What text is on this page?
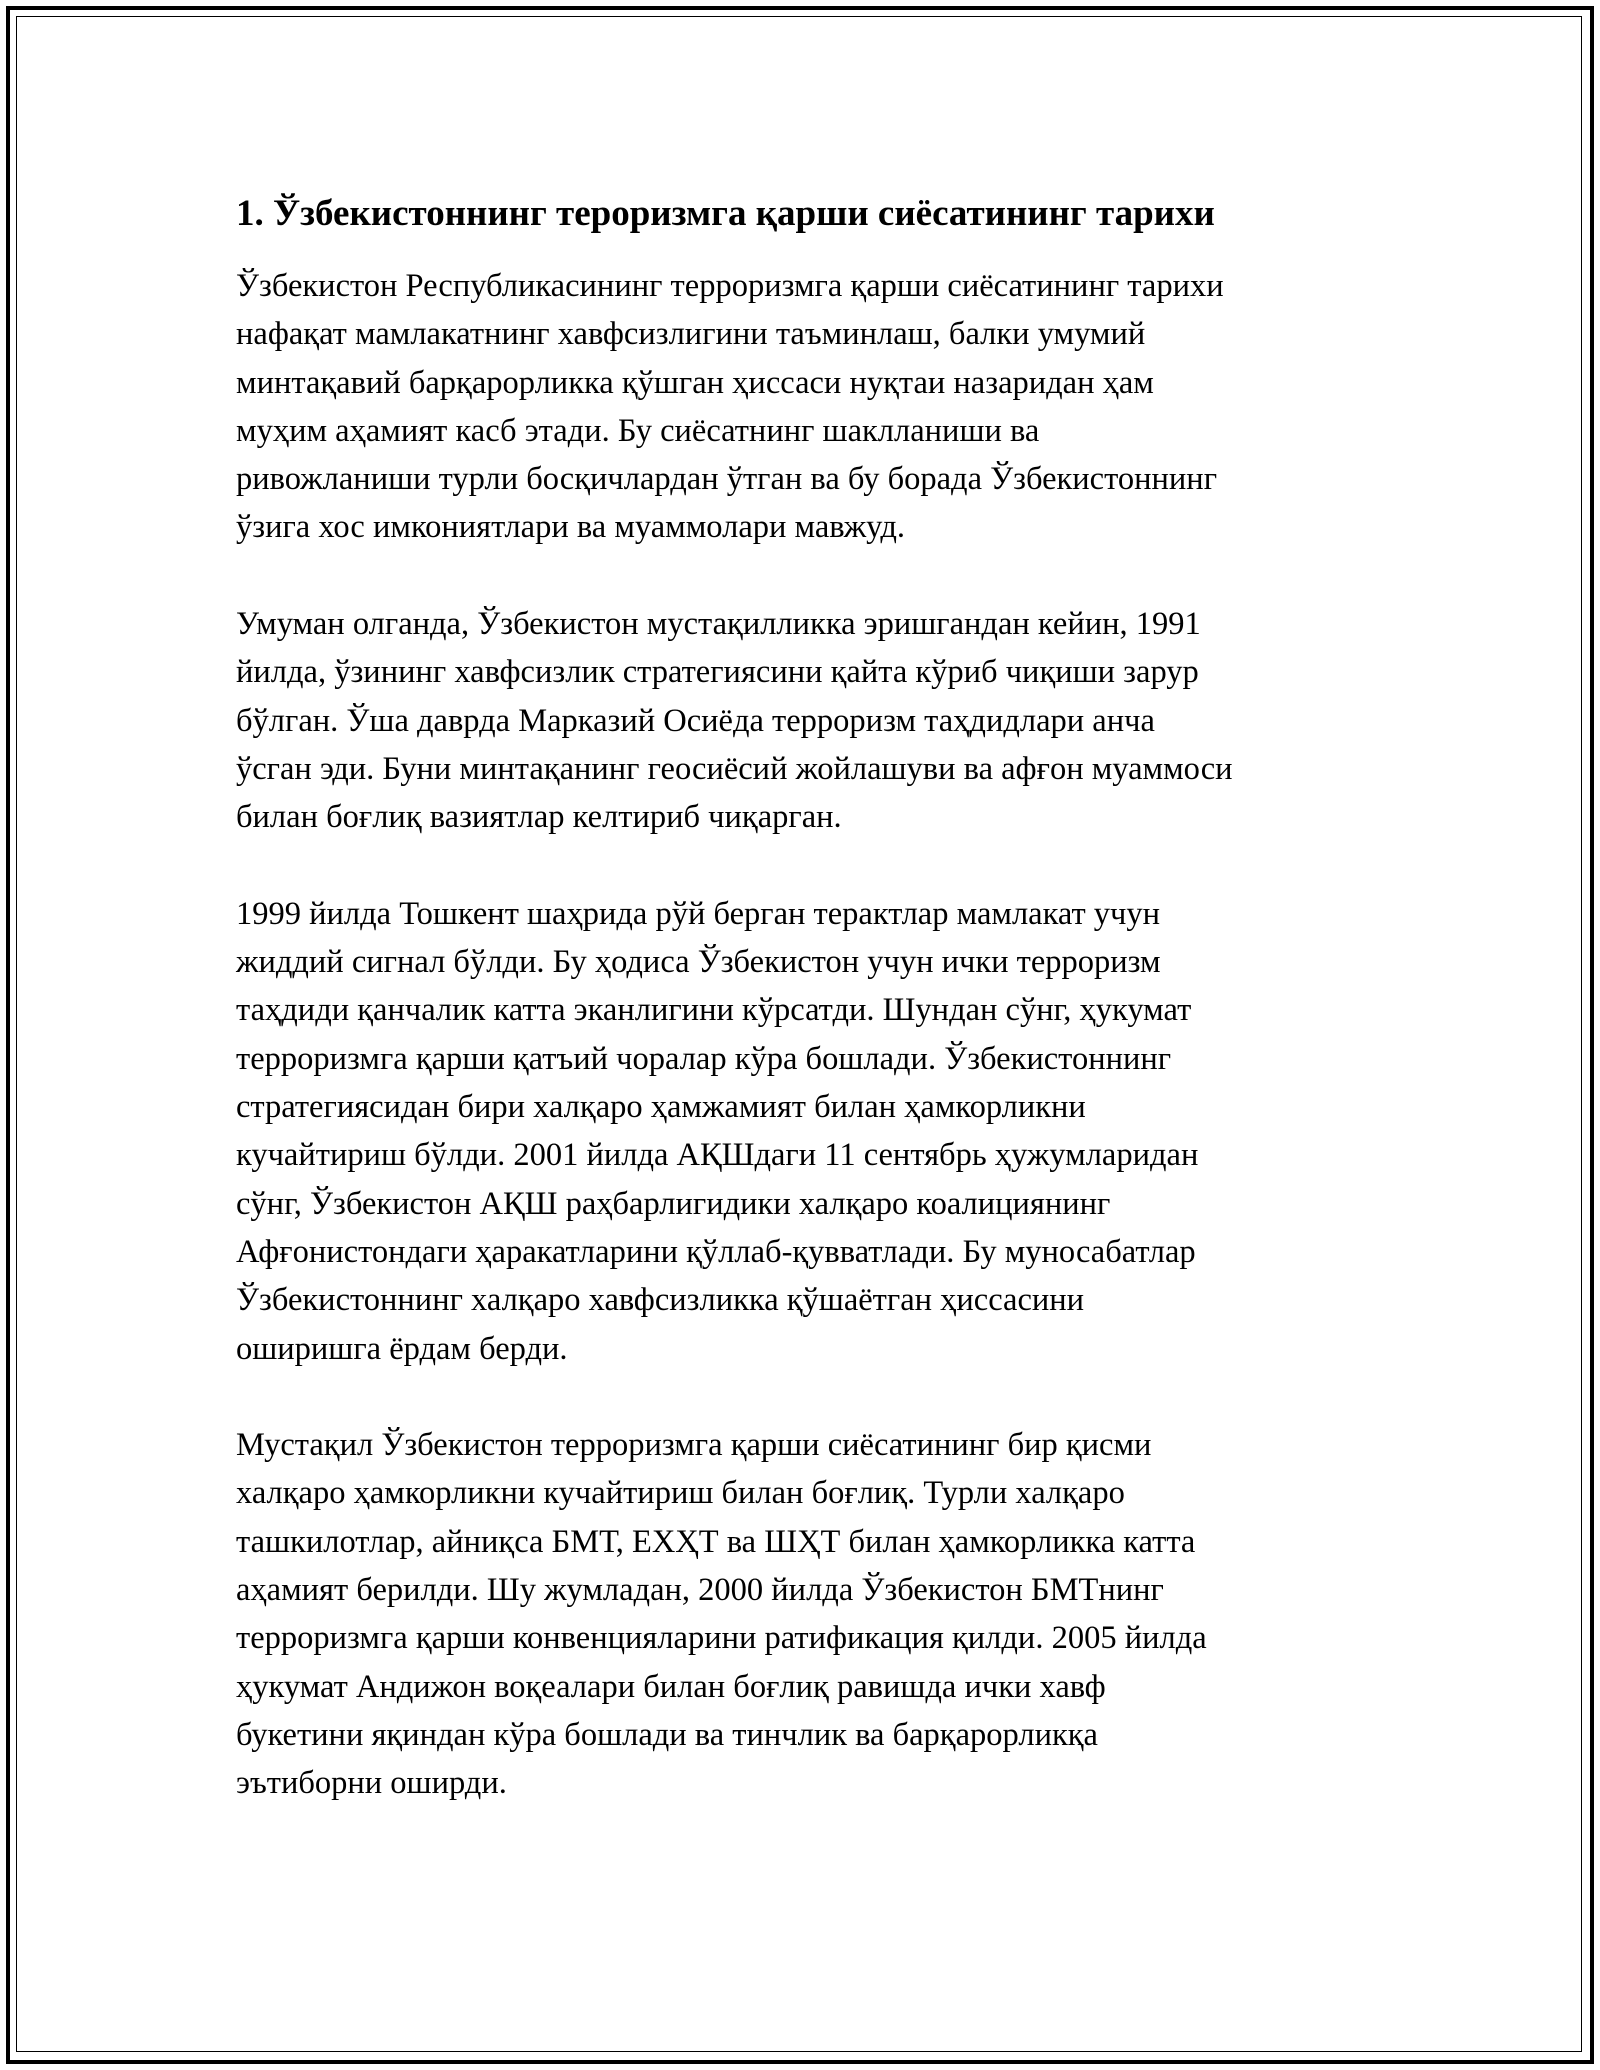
1. Ўзбекистоннинг тероризмга қарши сиёсатининг тарихи

Ўзбекистон Республикасининг терроризмга қарши сиёсатининг тарихи
нафақат мамлакатнинг хавфсизлигини таъминлаш, балки умумий
минтақавий барқарорликка қўшган ҳиссаси нуқтаи назаридан ҳам
муҳим аҳамият касб этади. Бу сиёсатнинг шаклланиши ва
ривожланиши турли босқичлардан ўтган ва бу борада Ўзбекистоннинг
ўзига хос имкониятлари ва муаммолари мавжуд.

Умуман олганда, Ўзбекистон мустақилликка эришгандан кейин, 1991
йилда, ўзининг хавфсизлик стратегиясини қайта кўриб чиқиши зарур
бўлган. Ўша даврда Марказий Осиёда терроризм таҳдидлари анча
ўсган эди. Буни минтақанинг геосиёсий жойлашуви ва афғон муаммоси
билан боғлиқ вазиятлар келтириб чиқарган.

1999 йилда Тошкент шаҳрида рўй берган терактлар мамлакат учун
жиддий сигнал бўлди. Бу ҳодиса Ўзбекистон учун ички терроризм
таҳдиди қанчалик катта эканлигини кўрсатди. Шундан сўнг, ҳукумат
терроризмга қарши қатъий чоралар кўра бошлади. Ўзбекистоннинг
стратегиясидан бири халқаро ҳамжамият билан ҳамкорликни
кучайтириш бўлди. 2001 йилда АҚШдаги 11 сентябрь ҳужумларидан
сўнг, Ўзбекистон АҚШ раҳбарлигидики халқаро коалициянинг
Афғонистондаги ҳаракатларини қўллаб-қувватлади. Бу муносабатлар
Ўзбекистоннинг халқаро хавфсизликка қўшаётган ҳиссасини
оширишга ёрдам берди.

Мустақил Ўзбекистон терроризмга қарши сиёсатининг бир қисми
халқаро ҳамкорликни кучайтириш билан боғлиқ. Турли халқаро
ташкилотлар, айниқса БМТ, ЕХҲТ ва ШҲТ билан ҳамкорликка катта
аҳамият берилди. Шу жумладан, 2000 йилда Ўзбекистон БМТнинг
терроризмга қарши конвенцияларини ратификация қилди. 2005 йилда
ҳукумат Андижон воқеалари билан боғлиқ равишда ички хавф
букетини яқиндан кўра бошлади ва тинчлик ва барқарорликқа
эътиборни оширди.
